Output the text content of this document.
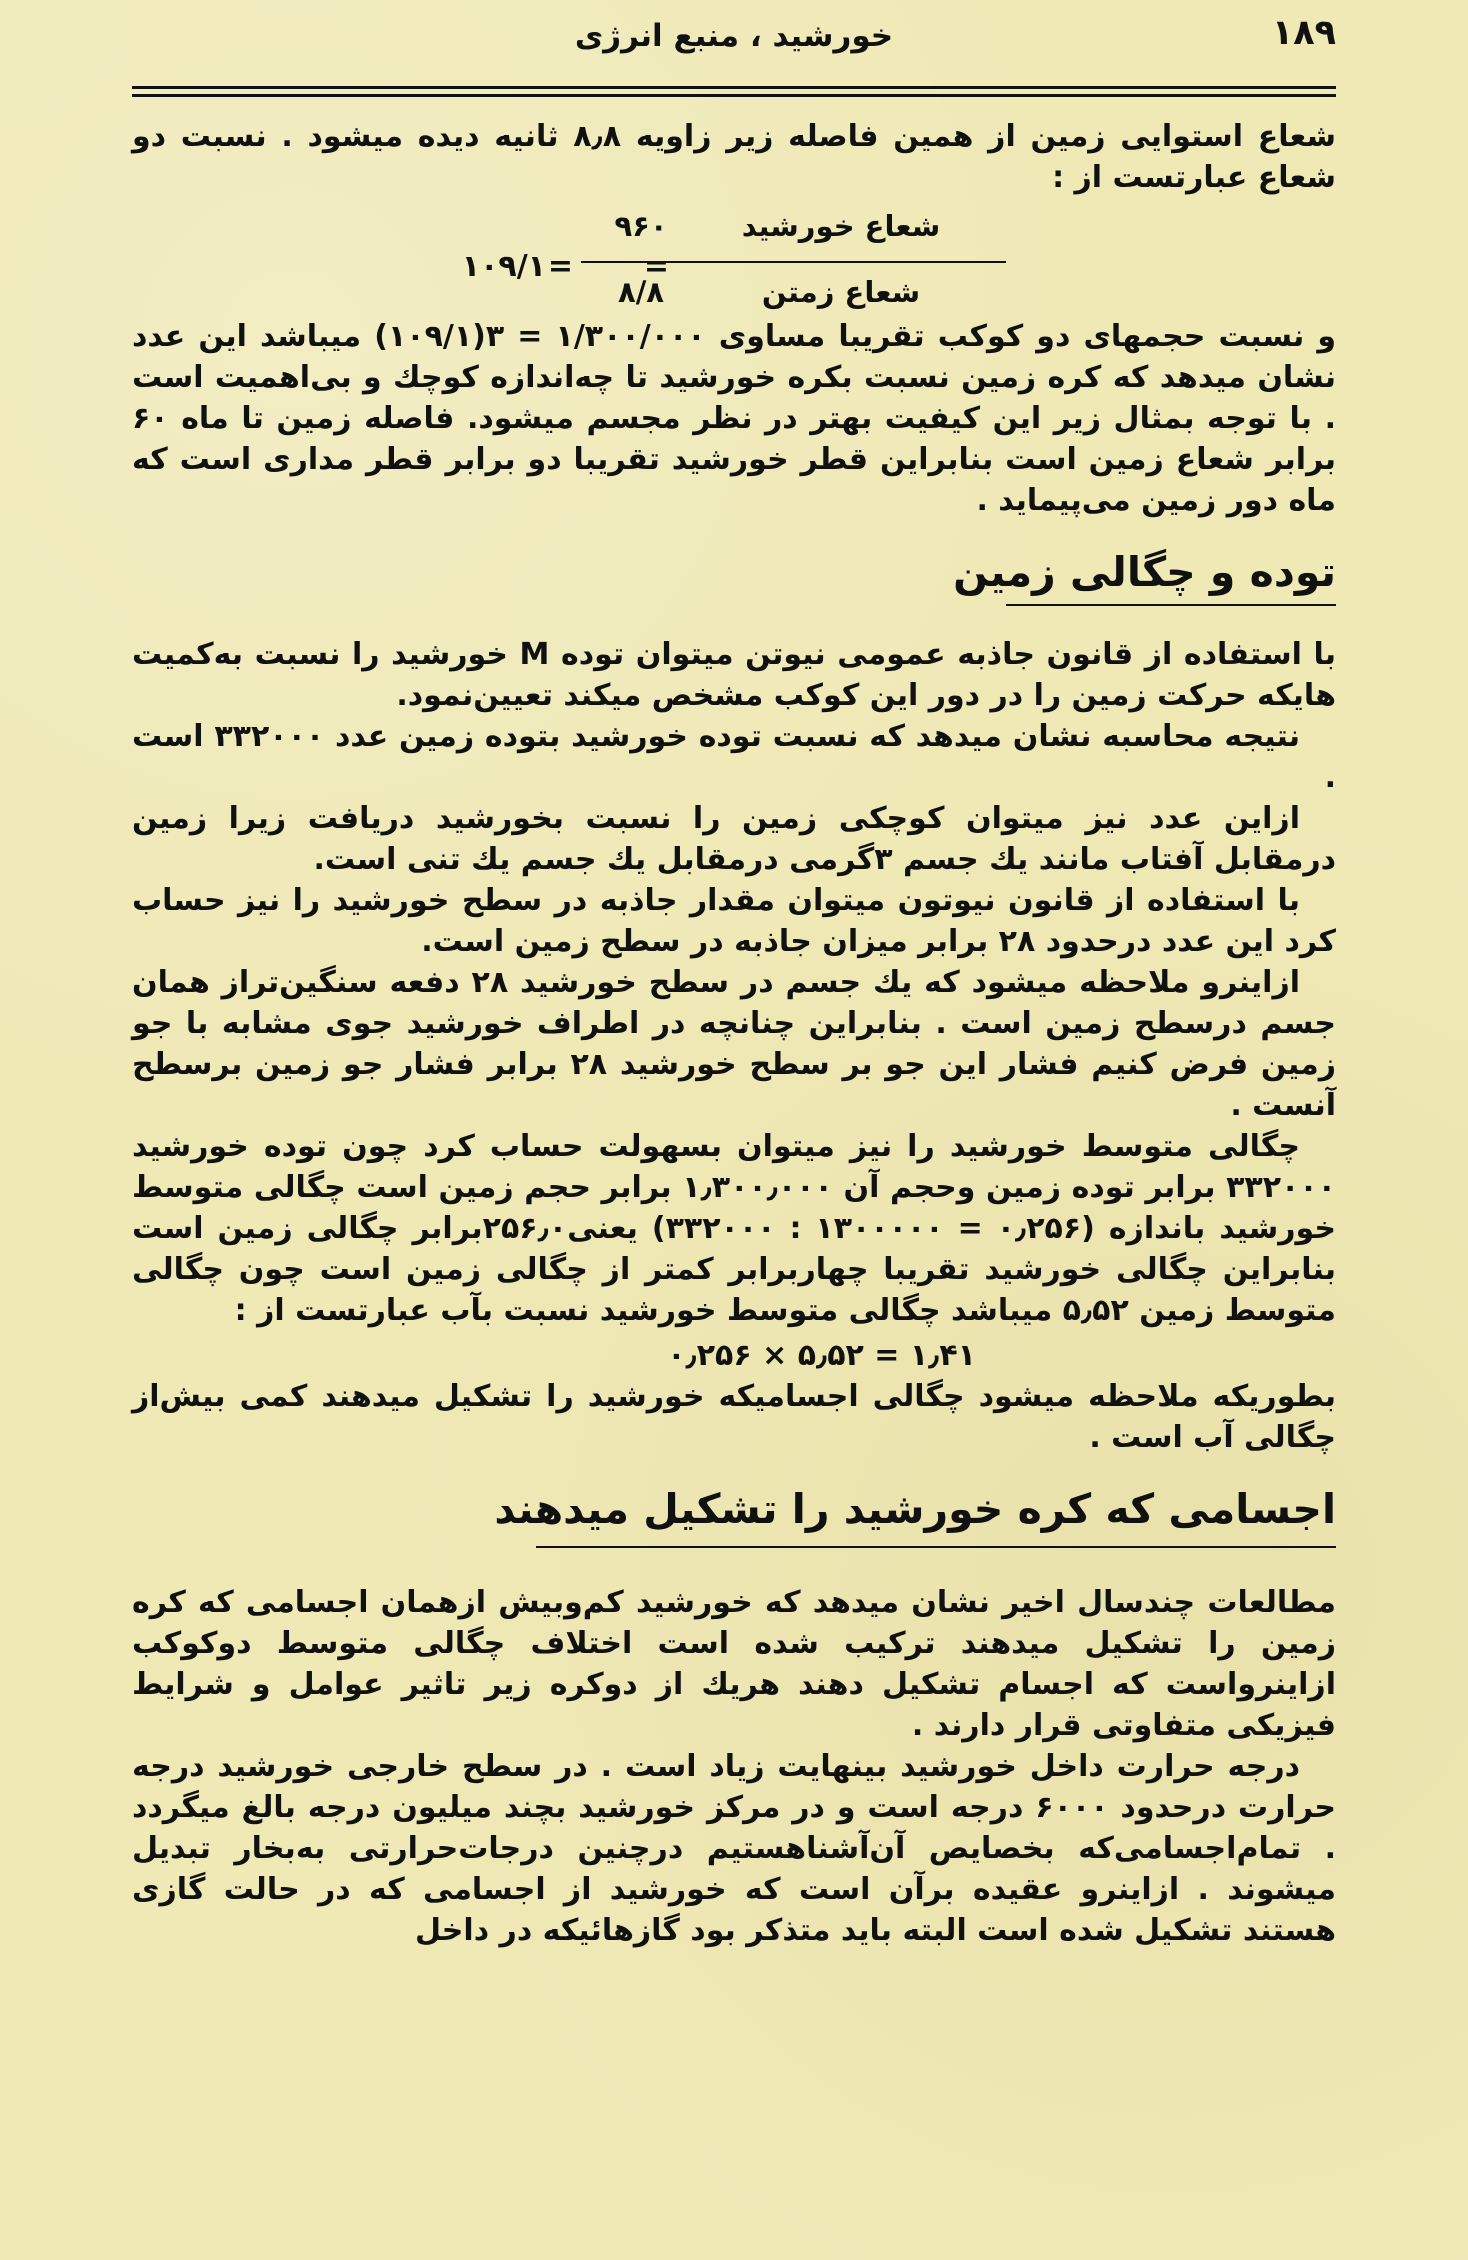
خورشید ، منبع انرژی	۱۸۹

شعاع استوایی زمین از همین فاصله زیر زاویه ۸٫۸ ثانیه دیده میشود . نسبت دو شعاع عبارتست از :

شعاع خورشید
شعاع زمتن
۹۶۰
۸/۸
=
=
۱۰۹/۱

و نسبت حجمهای دو کوکب تقریبا مساوی ۱/۳۰۰/۰۰۰ = ۳(۱۰۹/۱) میباشد این عدد نشان میدهد که کره زمین نسبت بکره خورشید تا چه‌اندازه کوچك و بی‌اهمیت است . با توجه بمثال زیر این کیفیت بهتر در نظر مجسم میشود. فاصله زمین تا ماه ۶۰ برابر شعاع زمین است بنابراین قطر خورشید تقریبا دو برابر قطر مداری است که ماه دور زمین می‌پیماید .

توده و چگالی زمین

با استفاده از قانون جاذبه عمومی نیوتن میتوان توده M خورشید را نسبت به‌کمیت هایکه حرکت زمین را در دور این کوکب مشخص میکند تعیین‌نمود.

نتیجه محاسبه نشان میدهد که نسبت توده خورشید بتوده زمین عدد ۳۳۲۰۰۰ است .

ازاین عدد نیز میتوان کوچکی زمین را نسبت بخورشید دریافت زیرا زمین درمقابل آفتاب مانند یك جسم ۳گرمی درمقابل یك جسم یك تنی است.

با استفاده از قانون نیوتون میتوان مقدار جاذبه در سطح خورشید را نیز حساب کرد این عدد درحدود ۲۸ برابر میزان جاذبه در سطح زمین است.

ازاینرو ملاحظه میشود که یك جسم در سطح خورشید ۲۸ دفعه سنگین‌تراز همان جسم درسطح زمین است . بنابراین چنانچه در اطراف خورشید جوی مشابه با جو زمین فرض کنیم فشار این جو بر سطح خورشید ۲۸ برابر فشار جو زمین برسطح آنست .

چگالی متوسط خورشید را نیز میتوان بسهولت حساب کرد چون توده خورشید ۳۳۲۰۰۰ برابر توده زمین وحجم آن ۱٫۳۰۰٫۰۰۰ برابر حجم زمین است چگالی متوسط خورشید باندازه (۰٫۲۵۶ = ۱۳۰۰۰۰۰ : ۳۳۲۰۰۰) یعنی۲۵۶٫۰برابر چگالی زمین است بنابراین چگالی خورشید تقریبا چهاربرابر کمتر از چگالی زمین است چون چگالی متوسط زمین ۵٫۵۲ میباشد چگالی متوسط خورشید نسبت بآب عبارتست از :

۱٫۴۱ = ۵٫۵۲ × ۰٫۲۵۶

بطوریکه ملاحظه میشود چگالی اجسامیکه خورشید را تشکیل میدهند کمی بیش‌از چگالی آب است .

اجسامی که کره خورشید را تشکیل میدهند

مطالعات چندسال اخیر نشان میدهد که خورشید کم‌وبیش ازهمان اجسامی که کره زمین را تشکیل میدهند ترکیب شده است اختلاف چگالی متوسط دوکوکب ازاینرواست که اجسام تشکیل دهند هریك از دوکره زیر تاثیر عوامل و شرایط فیزیکی متفاوتی قرار دارند .

درجه حرارت داخل خورشید بینهایت زیاد است . در سطح خارجی خورشید درجه حرارت درحدود ۶۰۰۰ درجه است و در مرکز خورشید بچند میلیون درجه بالغ میگردد . تمام‌اجسامی‌که بخصایص آن‌آشناهستیم درچنین درجات‌حرارتی به‌بخار تبدیل میشوند . ازاینرو عقیده برآن است که خورشید از اجسامی که در حالت گازی هستند تشکیل شده است البته باید متذکر بود گازهائیکه در داخل
